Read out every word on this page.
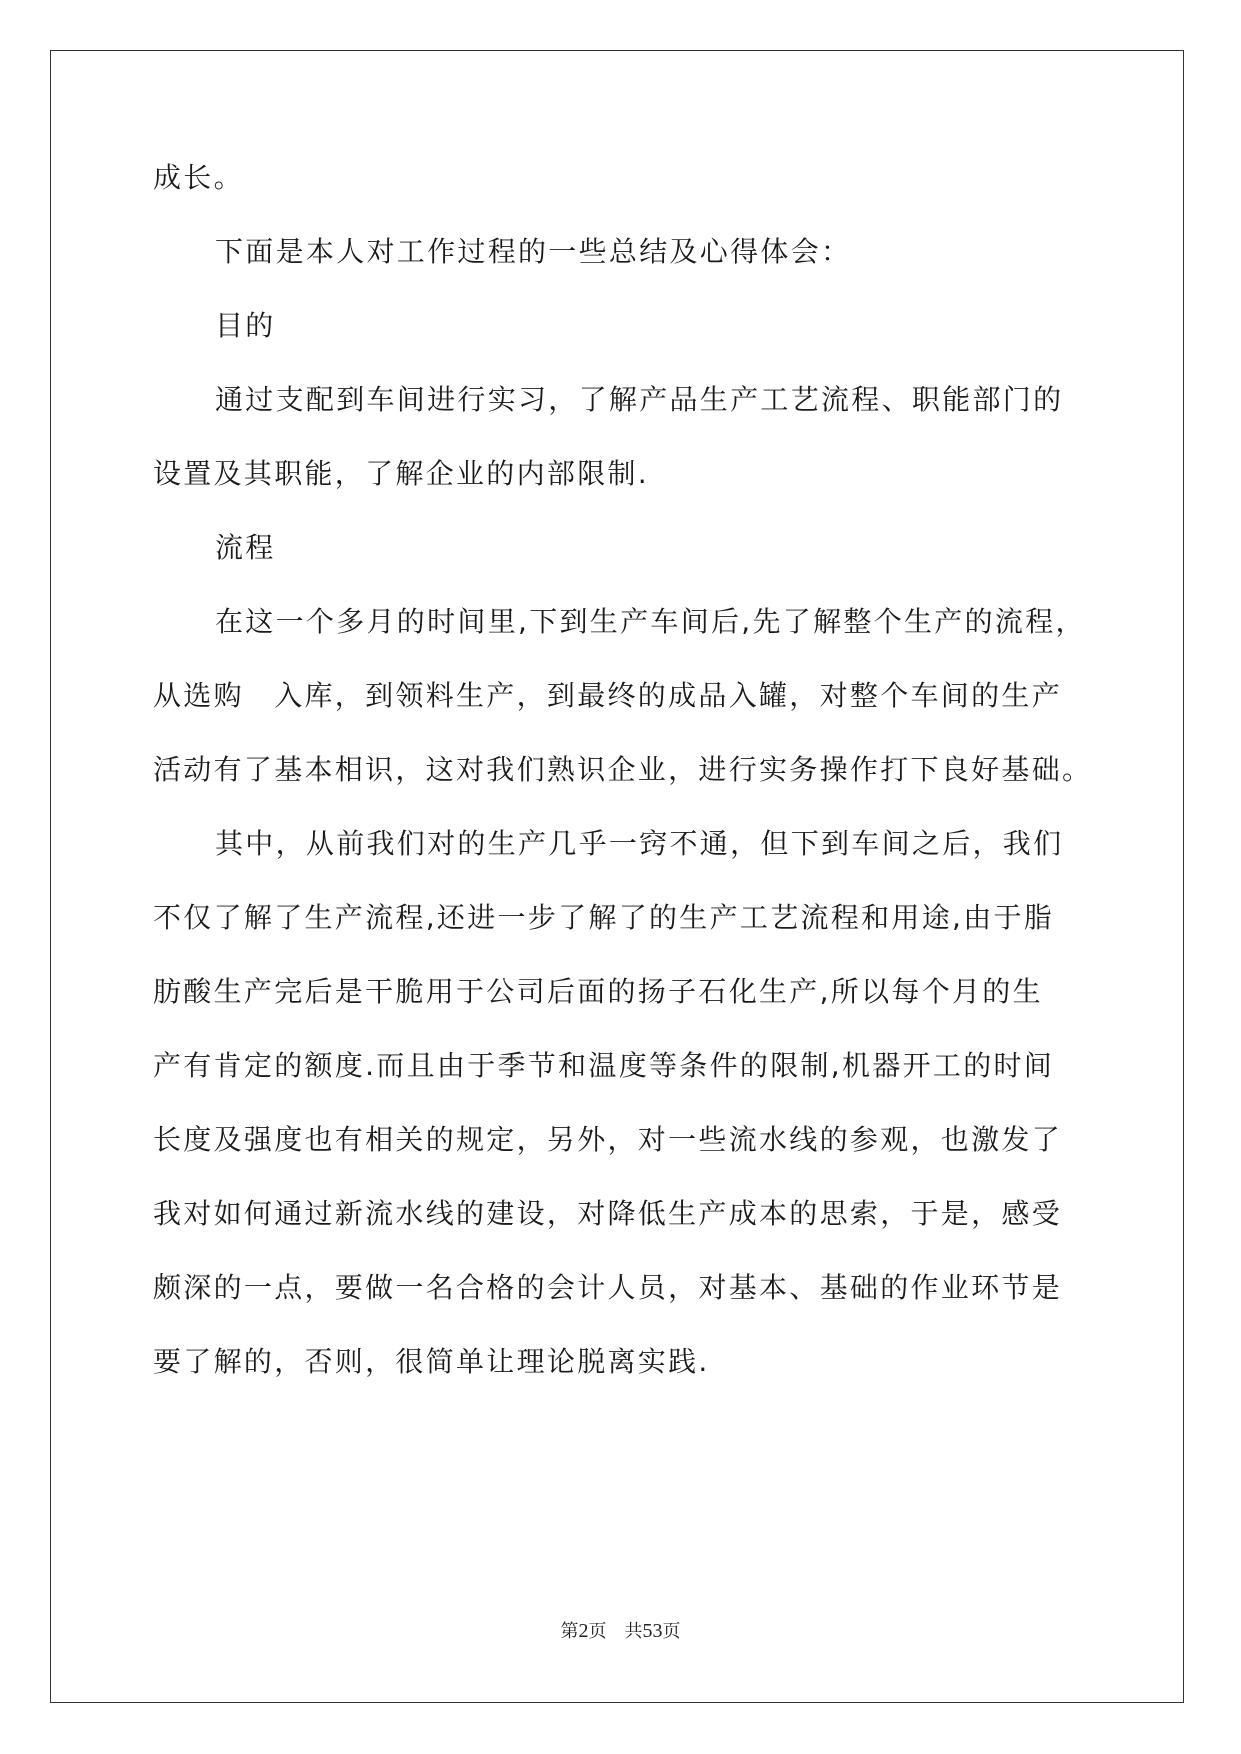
成长。
下面是本人对工作过程的一些总结及心得体会：
目的
通过支配到车间进行实习，了解产品生产工艺流程、职能部门的
设置及其职能，了解企业的内部限制.
流程
在这一个多月的时间里,下到生产车间后,先了解整个生产的流程，
从选购　入库，到领料生产，到最终的成品入罐，对整个车间的生产
活动有了基本相识，这对我们熟识企业，进行实务操作打下良好基础。
其中，从前我们对的生产几乎一窍不通，但下到车间之后，我们
不仅了解了生产流程,还进一步了解了的生产工艺流程和用途,由于脂
肪酸生产完后是干脆用于公司后面的扬子石化生产,所以每个月的生
产有肯定的额度.而且由于季节和温度等条件的限制,机器开工的时间
长度及强度也有相关的规定，另外，对一些流水线的参观，也激发了
我对如何通过新流水线的建设，对降低生产成本的思索，于是，感受
颇深的一点，要做一名合格的会计人员，对基本、基础的作业环节是
要了解的，否则，很简单让理论脱离实践.
第2页 共53页
